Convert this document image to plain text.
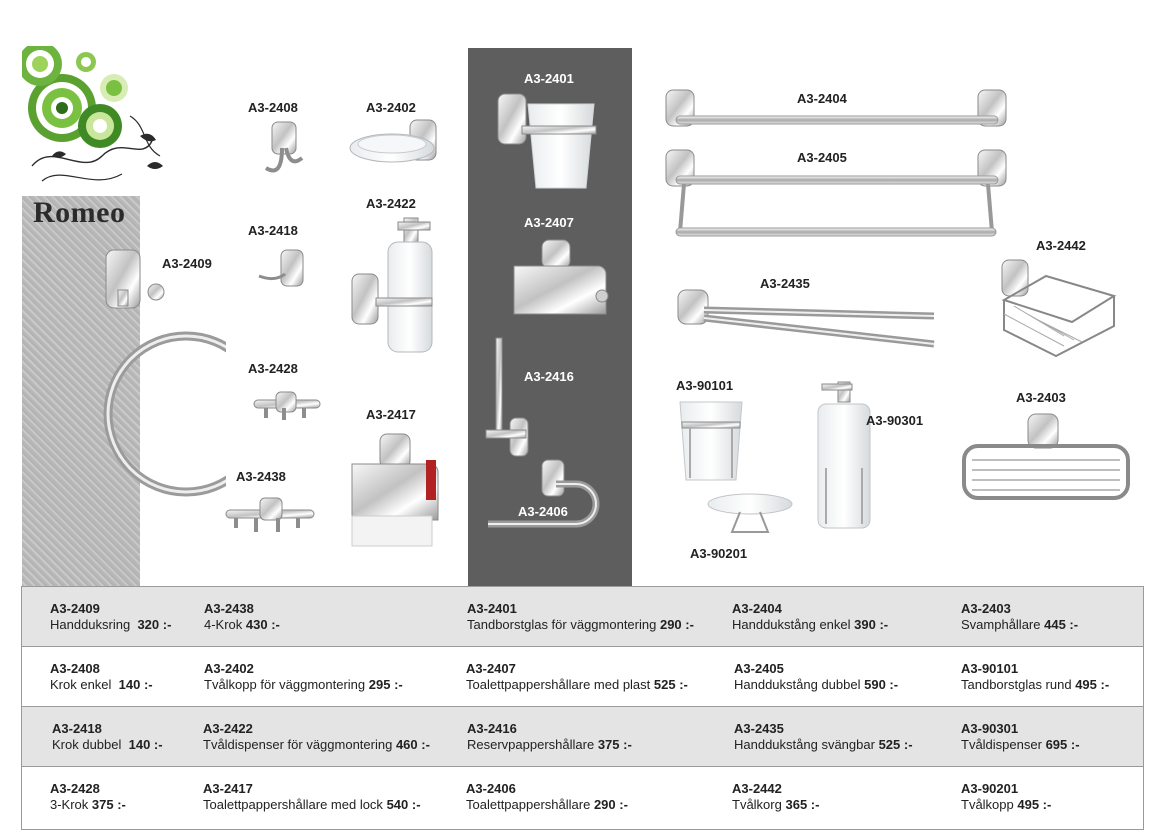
Romeo
A3-2408	A3-2402
A3-2401
A3-2404
A3-2405
A3-2409
A3-2418
A3-2422
A3-2407
A3-2442
A3-2435
A3-2428
A3-2416
A3-90101
A3-2403
A3-2417	A3-90301
A3-2438
A3-2406
A3-90201
A3-2409
Handduksring 320 :-
A3-2438
4-Krok 430 :-
A3-2401
Tandborstglas för väggmontering 290 :-
A3-2404
Handdukstång enkel 390 :-
A3-2403
Svamphållare 445 :-
A3-2408
Krok enkel 140 :-
A3-2402
Tvålkopp för väggmontering 295 :-
A3-2407
Toalettpappershållare med plast 525 :-
A3-2405
Handdukstång dubbel 590 :-
A3-90101
Tandborstglas rund 495 :-
A3-2418
Krok dubbel 140 :-
A3-2422
Tvåldispenser för väggmontering 460 :-
A3-2416
Reservpappershållare 375 :-
A3-2435
Handdukstång svängbar 525 :-
A3-90301
Tvåldispenser 695 :-
A3-2428
3-Krok 375 :-
A3-2417
Toalettpappershållare med lock 540 :-
A3-2406
Toalettpappershållare 290 :-
A3-2442
Tvålkorg 365 :-
A3-90201
Tvålkopp 495 :-
